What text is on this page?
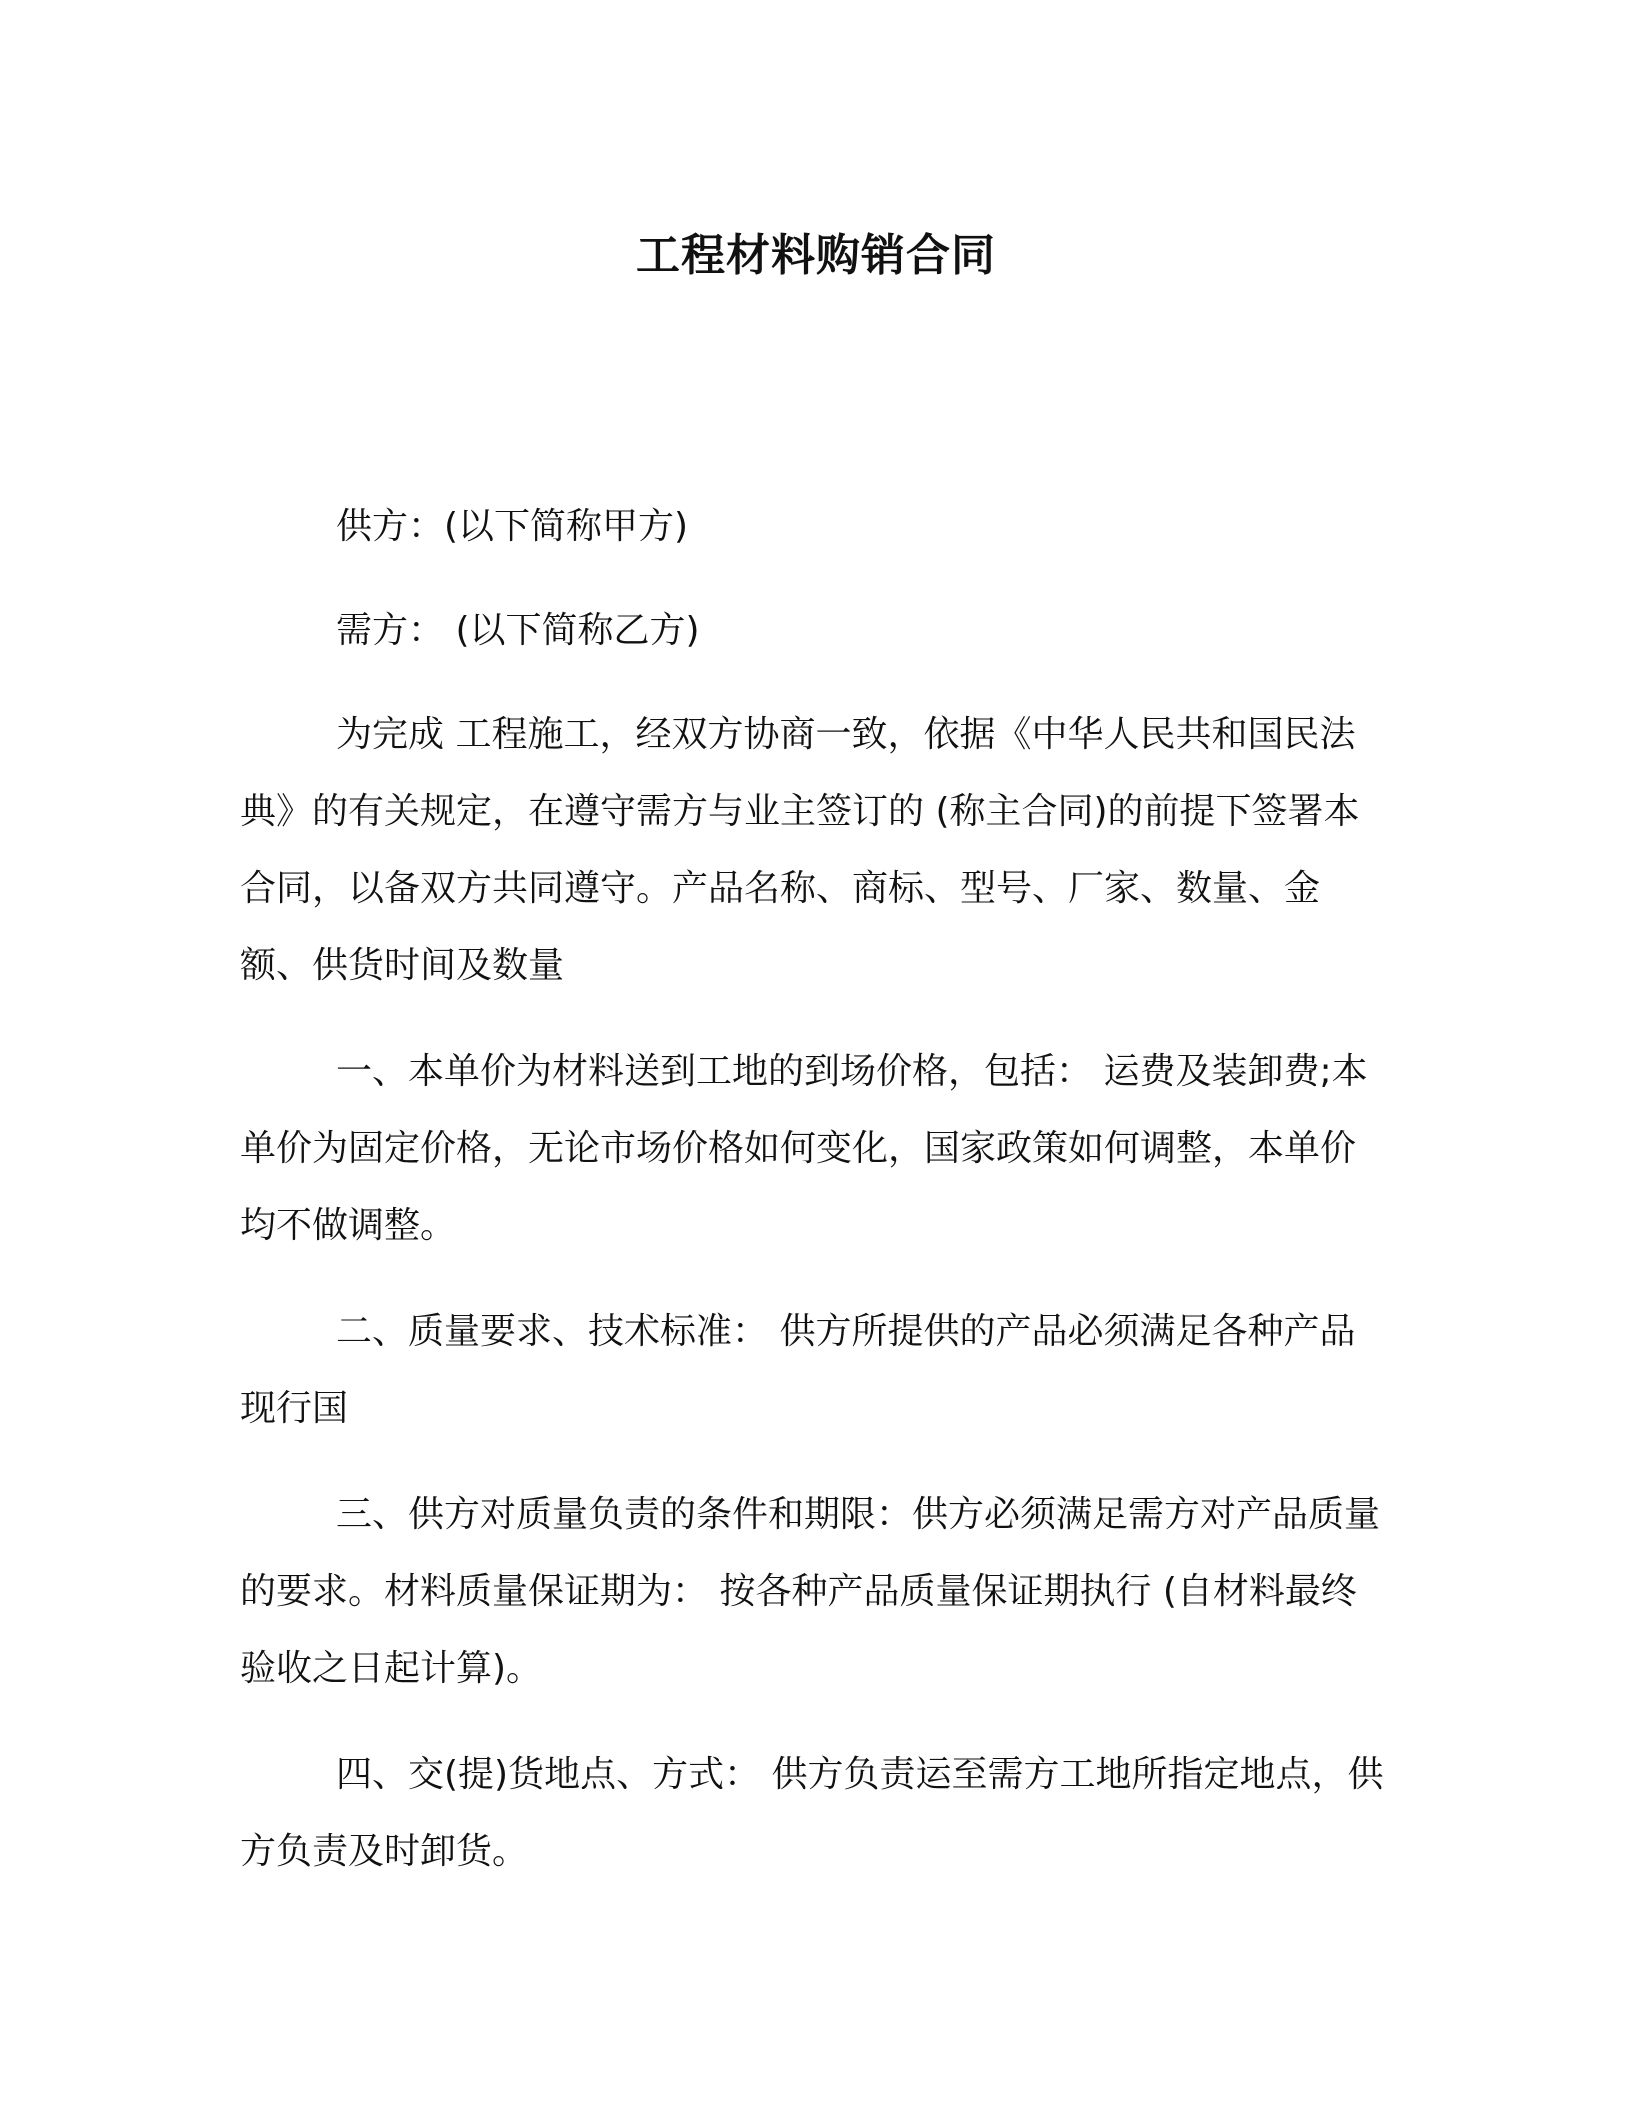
工程材料购销合同

供方：(以下简称甲方)

需方： (以下简称乙方)

为完成 工程施工，经双方协商一致，依据《中华人民共和国民法典》的有关规定，在遵守需方与业主签订的 (称主合同)的前提下签署本合同，以备双方共同遵守。产品名称、商标、型号、厂家、数量、金额、供货时间及数量

一、本单价为材料送到工地的到场价格，包括： 运费及装卸费;本单价为固定价格，无论市场价格如何变化，国家政策如何调整，本单价均不做调整。

二、质量要求、技术标准： 供方所提供的产品必须满足各种产品现行国

三、供方对质量负责的条件和期限：供方必须满足需方对产品质量的要求。材料质量保证期为： 按各种产品质量保证期执行 (自材料最终验收之日起计算)。

四、交(提)货地点、方式： 供方负责运至需方工地所指定地点，供方负责及时卸货。
